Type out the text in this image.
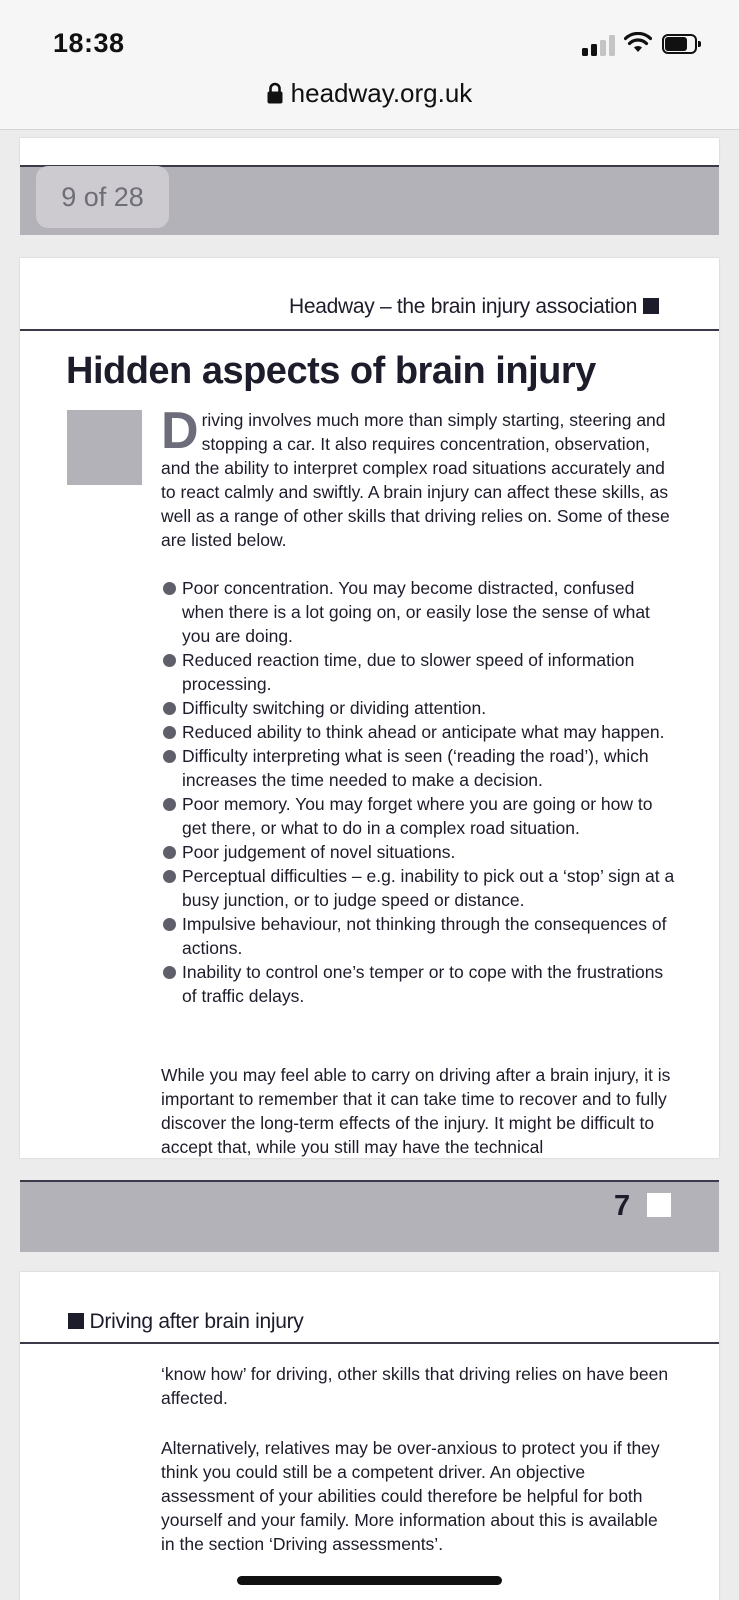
18:38
headway.org.uk
9 of 28
Headway – the brain injury association
Hidden aspects of brain injury
Driving involves much more than simply starting, steering and stopping a car. It also requires concentration, observation, and the ability to interpret complex road situations accurately and to react calmly and swiftly. A brain injury can affect these skills, as well as a range of other skills that driving relies on. Some of these are listed below.
Poor concentration. You may become distracted, confused when there is a lot going on, or easily lose the sense of what you are doing.
Reduced reaction time, due to slower speed of information processing.
Difficulty switching or dividing attention.
Reduced ability to think ahead or anticipate what may happen.
Difficulty interpreting what is seen (‘reading the road’), which increases the time needed to make a decision.
Poor memory. You may forget where you are going or how to get there, or what to do in a complex road situation.
Poor judgement of novel situations.
Perceptual difficulties – e.g. inability to pick out a ‘stop’ sign at a busy junction, or to judge speed or distance.
Impulsive behaviour, not thinking through the consequences of actions.
Inability to control one’s temper or to cope with the frustrations of traffic delays.
While you may feel able to carry on driving after a brain injury, it is important to remember that it can take time to recover and to fully discover the long-term effects of the injury. It might be difficult to accept that, while you still may have the technical
7
Driving after brain injury
‘know how’ for driving, other skills that driving relies on have been affected.
Alternatively, relatives may be over-anxious to protect you if they think you could still be a competent driver. An objective assessment of your abilities could therefore be helpful for both yourself and your family. More information about this is available in the section ‘Driving assessments’.
